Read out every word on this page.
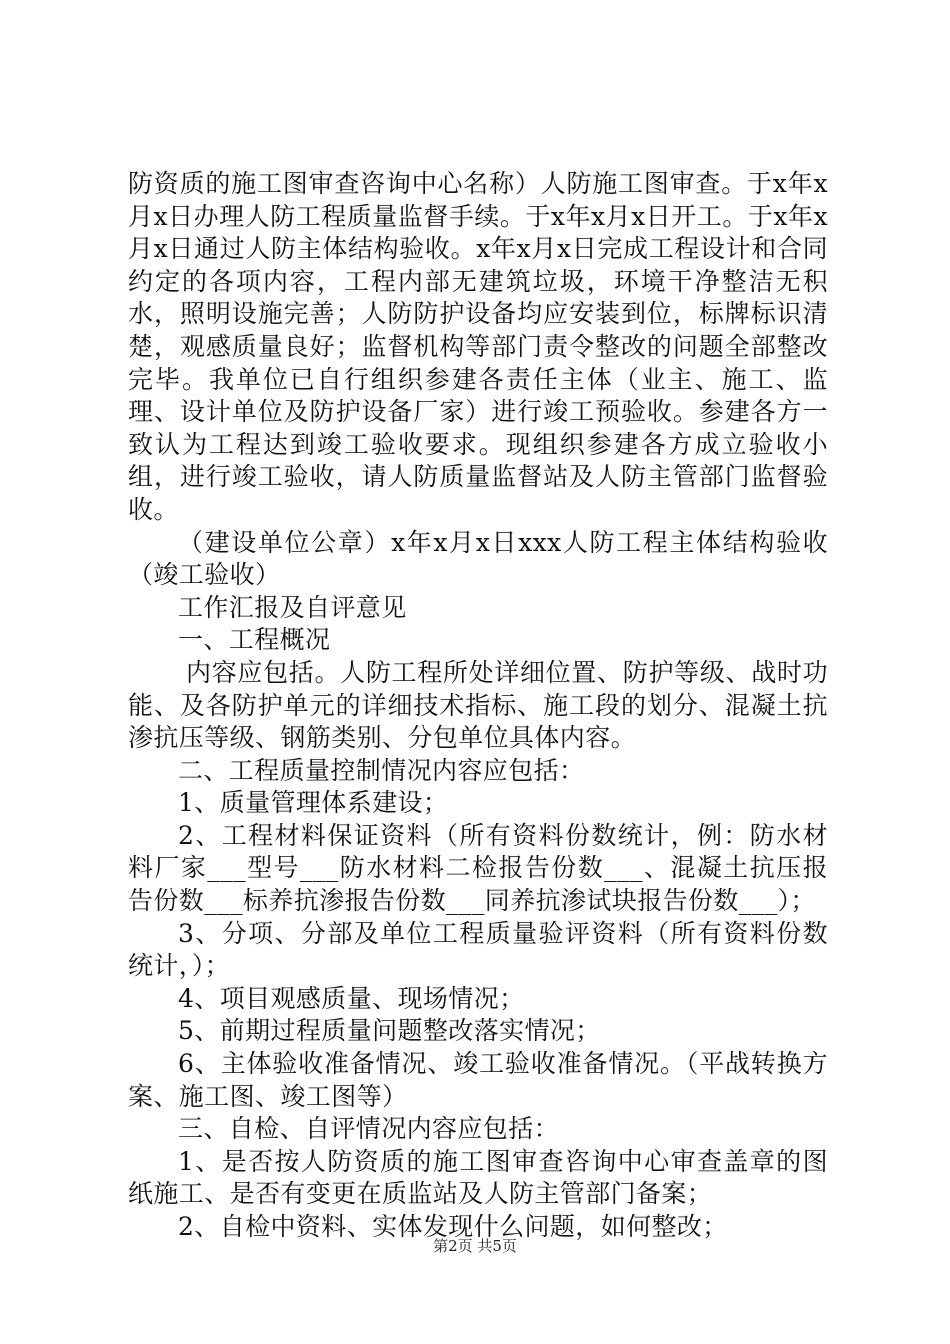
防资质的施工图审查咨询中心名称）人防施工图审查。于x年x月x日办理人防工程质量监督手续。于x年x月x日开工。于x年x月x日通过人防主体结构验收。x年x月x日完成工程设计和合同约定的各项内容，工程内部无建筑垃圾，环境干净整洁无积水，照明设施完善；人防防护设备均应安装到位，标牌标识清楚，观感质量良好；监督机构等部门责令整改的问题全部整改完毕。我单位已自行组织参建各责任主体（业主、施工、监理、设计单位及防护设备厂家）进行竣工预验收。参建各方一致认为工程达到竣工验收要求。现组织参建各方成立验收小组，进行竣工验收，请人防质量监督站及人防主管部门监督验收。

（建设单位公章）x年x月x日xxx人防工程主体结构验收（竣工验收）

工作汇报及自评意见

一、工程概况

内容应包括。人防工程所处详细位置、防护等级、战时功能、及各防护单元的详细技术指标、施工段的划分、混凝土抗渗抗压等级、钢筋类别、分包单位具体内容。

二、工程质量控制情况内容应包括：

1、质量管理体系建设；

2、工程材料保证资料（所有资料份数统计，例：防水材料厂家___型号___防水材料二检报告份数___、混凝土抗压报告份数___标养抗渗报告份数___同养抗渗试块报告份数___）；

3、分项、分部及单位工程质量验评资料（所有资料份数统计，）；

4、项目观感质量、现场情况；

5、前期过程质量问题整改落实情况；

6、主体验收准备情况、竣工验收准备情况。（平战转换方案、施工图、竣工图等）

三、自检、自评情况内容应包括：

1、是否按人防资质的施工图审查咨询中心审查盖章的图纸施工、是否有变更在质监站及人防主管部门备案；

2、自检中资料、实体发现什么问题，如何整改；

第2页 共5页
